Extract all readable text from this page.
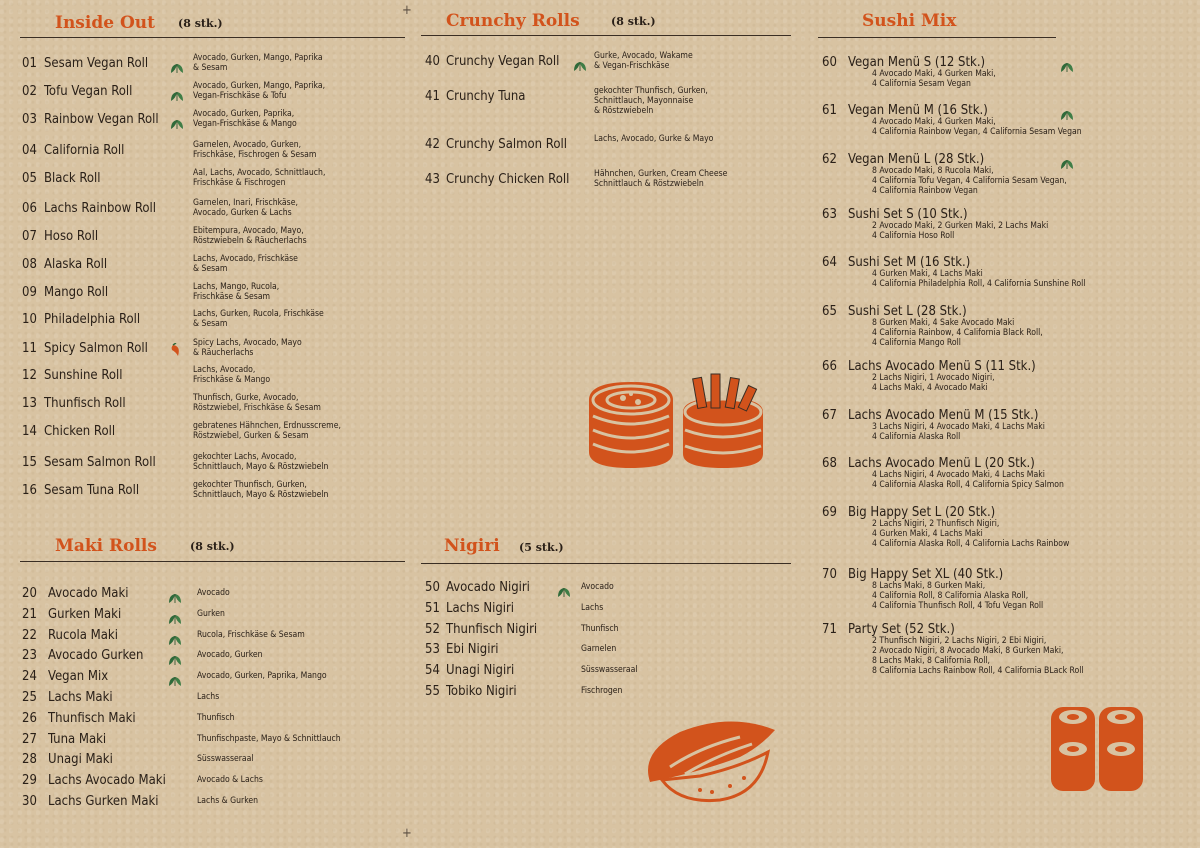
Inside Out (8 stk.)	Crunchy Rolls	(8 stk.)	Sushi Mix
Maki Rolls	(8 stk.)	Nigiri (5 stk.)
+
+
01 Sesam Vegan Roll	Avocado, Gurken, Mango, Paprika
& Sesam
02 Tofu Vegan Roll	Avocado, Gurken, Mango, Paprika,
Vegan-Frischkäse & Tofu
03 Rainbow Vegan Roll	Avocado, Gurken, Paprika,
Vegan-Frischkäse & Mango
04 California Roll	Garnelen, Avocado, Gurken,
Frischkäse, Fischrogen & Sesam
05 Black Roll	Aal, Lachs, Avocado, Schnittlauch,
Frischkäse & Fischrogen
06 Lachs Rainbow Roll	Garnelen, Inari, Frischkäse,
Avocado, Gurken & Lachs
07 Hoso Roll	Ebitempura, Avocado, Mayo,
Röstzwiebeln & Räucherlachs
08 Alaska Roll	Lachs, Avocado, Frischkäse
& Sesam
09 Mango Roll	Lachs, Mango, Rucola,
Frischkäse & Sesam
10 Philadelphia Roll	Lachs, Gurken, Rucola, Frischkäse
& Sesam
11 Spicy Salmon Roll	Spicy Lachs, Avocado, Mayo
& Räucherlachs
12 Sunshine Roll	Lachs, Avocado,
Frischkäse & Mango
13 Thunfisch Roll	Thunfisch, Gurke, Avocado,
Röstzwiebel, Frischkäse & Sesam
14 Chicken Roll	gebratenes Hähnchen, Erdnusscreme,
Röstzwiebel, Gurken & Sesam
15 Sesam Salmon Roll	gekochter Lachs, Avocado,
Schnittlauch, Mayo & Röstzwiebeln
16 Sesam Tuna Roll	gekochter Thunfisch, Gurken,
Schnittlauch, Mayo & Röstzwiebeln
20 Avocado Maki	Avocado
21 Gurken Maki	Gurken
22 Rucola Maki	Rucola, Frischkäse & Sesam
23 Avocado Gurken	Avocado, Gurken
24 Vegan Mix	Avocado, Gurken, Paprika, Mango
25 Lachs Maki	Lachs
26 Thunfisch Maki	Thunfisch
27 Tuna Maki	Thunfischpaste, Mayo & Schnittlauch
28 Unagi Maki	Süsswasseraal
29 Lachs Avocado Maki	Avocado & Lachs
30 Lachs Gurken Maki	Lachs & Gurken
40 Crunchy Vegan Roll	Gurke, Avocado, Wakame
& Vegan-Frischkäse
41 Crunchy Tuna	gekochter Thunfisch, Gurken,
Schnittlauch, Mayonnaise
& Röstzwiebeln
42 Crunchy Salmon Roll	Lachs, Avocado, Gurke & Mayo
43 Crunchy Chicken Roll	Hähnchen, Gurken, Cream Cheese
Schnittlauch & Röstzwiebeln
50 Avocado Nigiri	Avocado
51 Lachs Nigiri	Lachs
52 Thunfisch Nigiri	Thunfisch
53 Ebi Nigiri	Garnelen
54 Unagi Nigiri	Süsswasseraal
55 Tobiko Nigiri	Fischrogen
60 Vegan Menü S (12 Stk.)
4 Avocado Maki, 4 Gurken Maki,
4 California Sesam Vegan
61 Vegan Menü M (16 Stk.)
4 Avocado Maki, 4 Gurken Maki,
4 California Rainbow Vegan, 4 California Sesam Vegan
62 Vegan Menü L (28 Stk.)
8 Avocado Maki, 8 Rucola Maki,
4 California Tofu Vegan, 4 California Sesam Vegan,
4 California Rainbow Vegan
63 Sushi Set S (10 Stk.)
2 Avocado Maki, 2 Gurken Maki, 2 Lachs Maki
4 California Hoso Roll
64 Sushi Set M (16 Stk.)
4 Gurken Maki, 4 Lachs Maki
4 California Philadelphia Roll, 4 California Sunshine Roll
65 Sushi Set L (28 Stk.)
8 Gurken Maki, 4 Sake Avocado Maki
4 California Rainbow, 4 California Black Roll,
4 California Mango Roll
66 Lachs Avocado Menü S (11 Stk.)
2 Lachs Nigiri, 1 Avocado Nigiri,
4 Lachs Maki, 4 Avocado Maki
67 Lachs Avocado Menü M (15 Stk.)
3 Lachs Nigiri, 4 Avocado Maki, 4 Lachs Maki
4 California Alaska Roll
68 Lachs Avocado Menü L (20 Stk.)
4 Lachs Nigiri, 4 Avocado Maki, 4 Lachs Maki
4 California Alaska Roll, 4 California Spicy Salmon
69 Big Happy Set L (20 Stk.)
2 Lachs Nigiri, 2 Thunfisch Nigiri,
4 Gurken Maki, 4 Lachs Maki
4 California Alaska Roll, 4 California Lachs Rainbow
70 Big Happy Set XL (40 Stk.)
8 Lachs Maki, 8 Gurken Maki,
4 California Roll, 8 California Alaska Roll,
4 California Thunfisch Roll, 4 Tofu Vegan Roll
71 Party Set (52 Stk.)
2 Thunfisch Nigiri, 2 Lachs Nigiri, 2 Ebi Nigiri,
2 Avocado Nigiri, 8 Avocado Maki, 8 Gurken Maki,
8 Lachs Maki, 8 California Roll,
8 California Lachs Rainbow Roll, 4 California BLack Roll
